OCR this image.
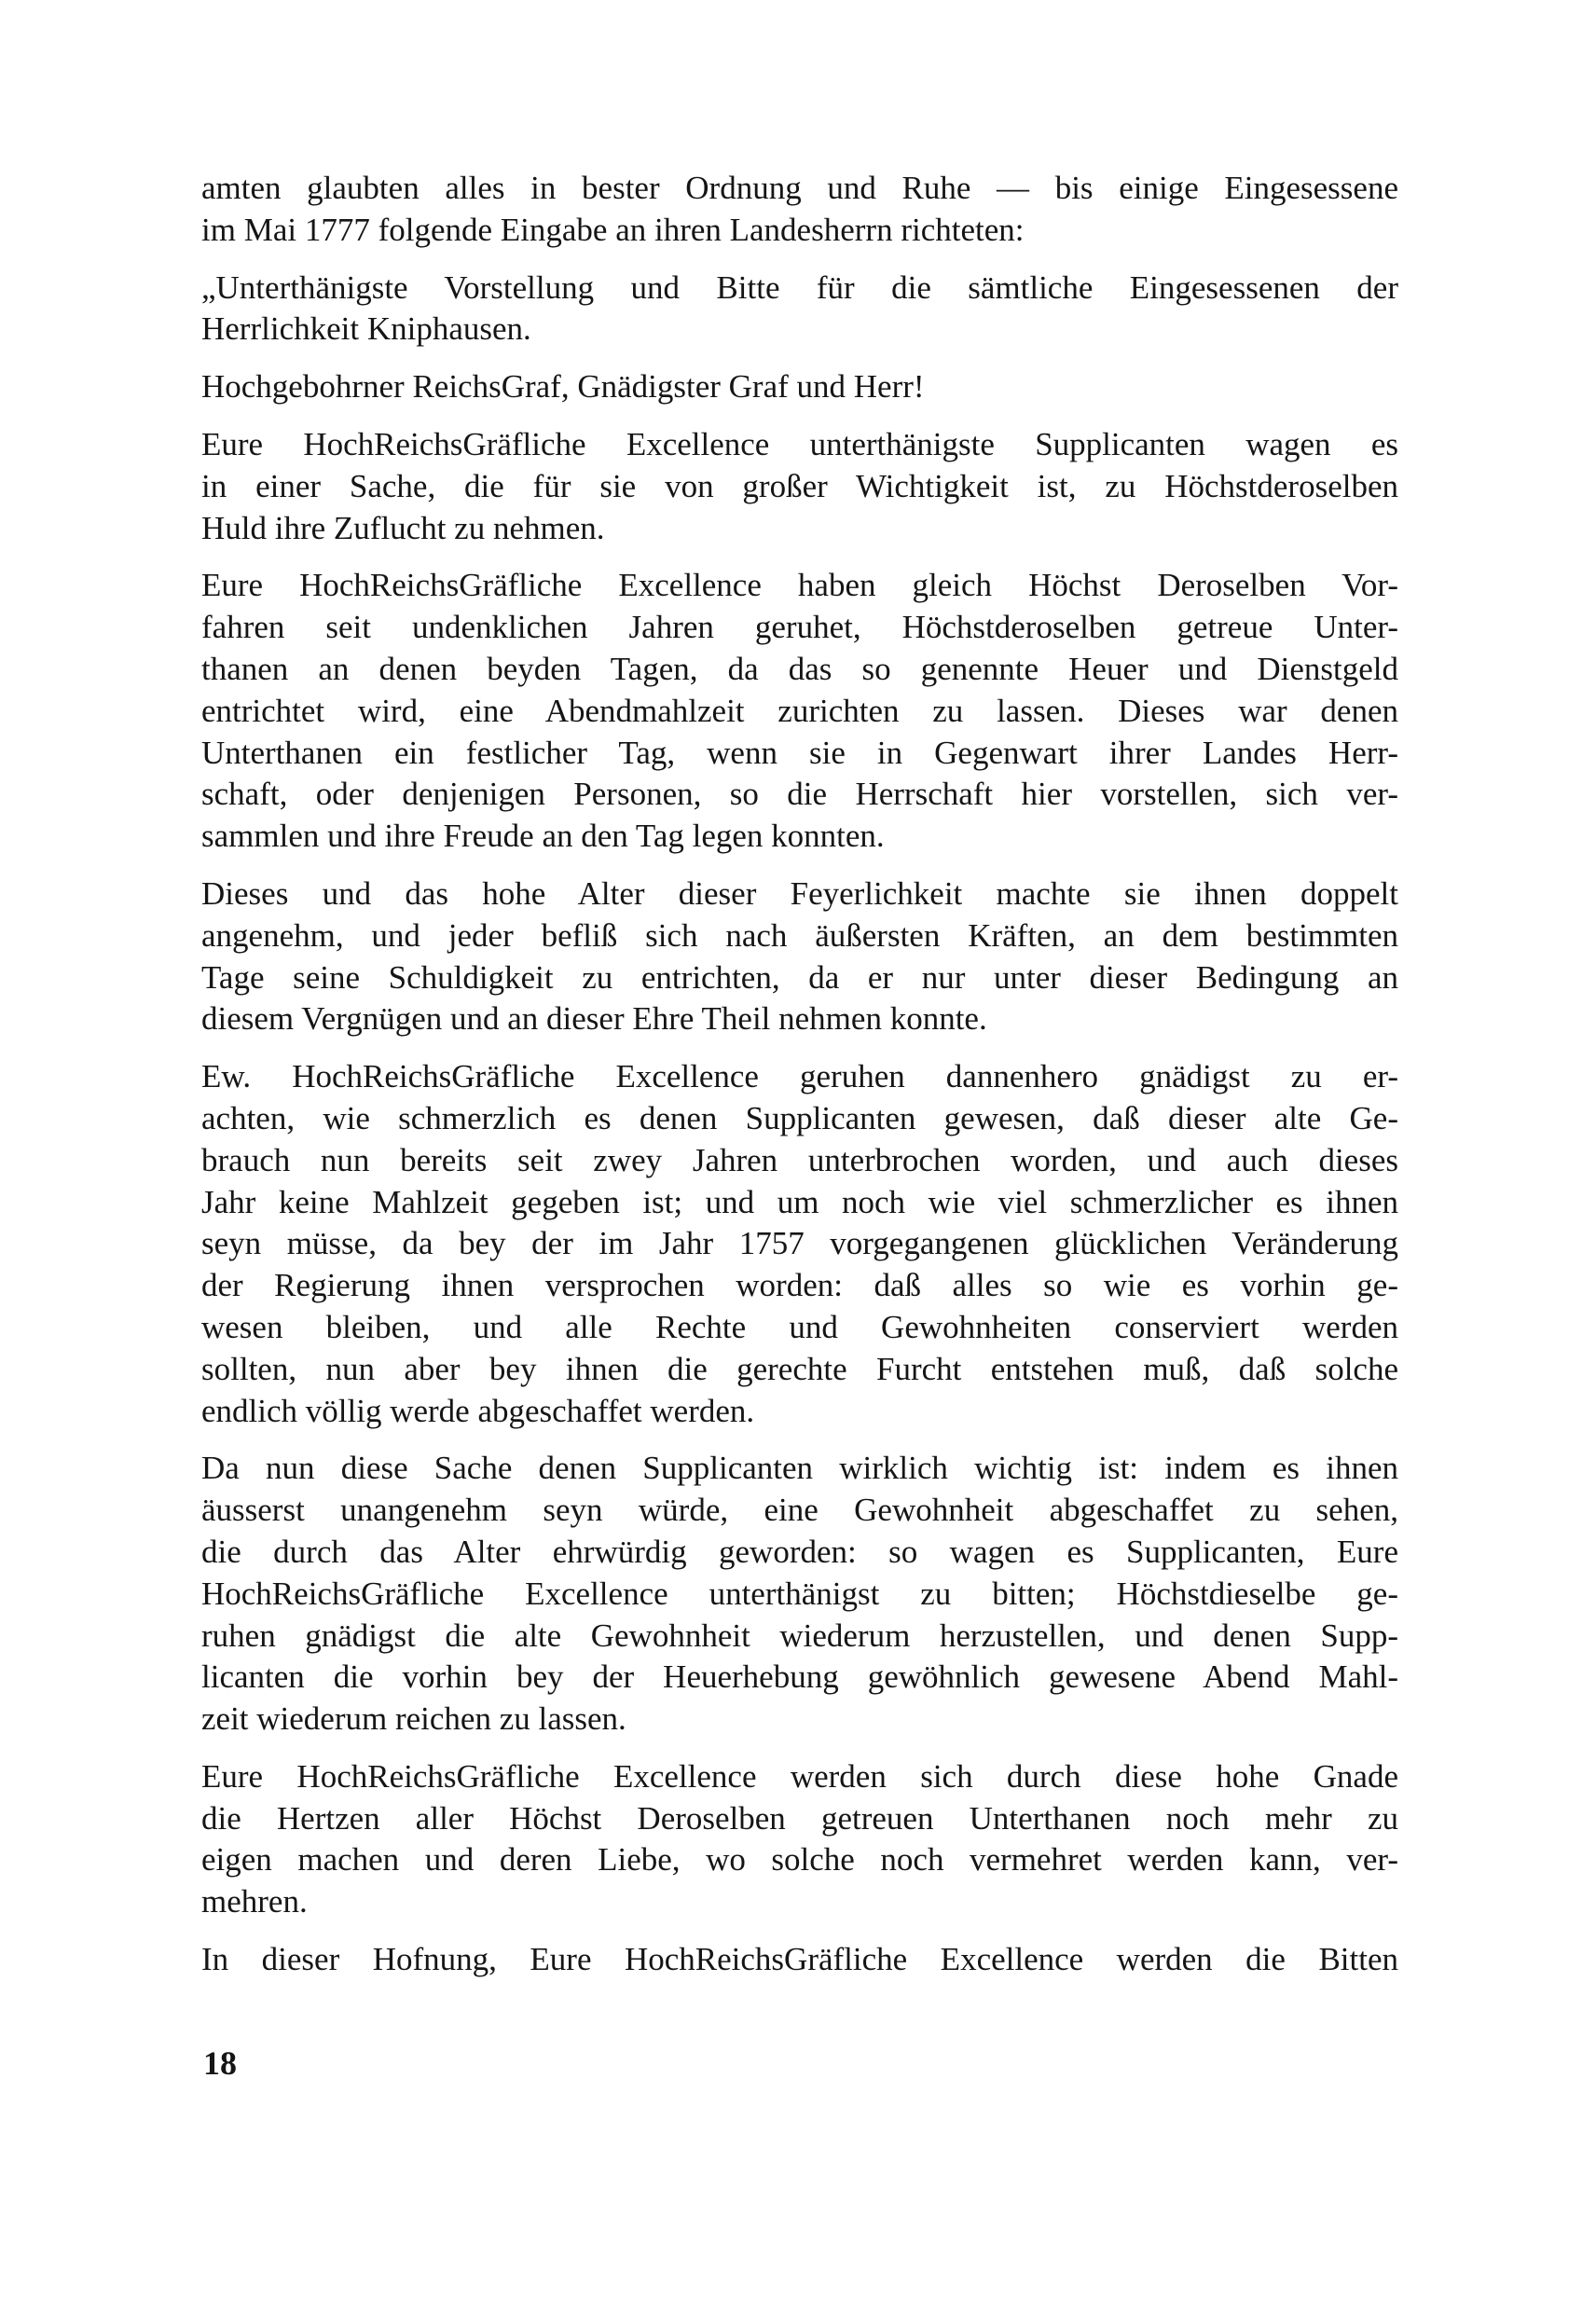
amten glaubten alles in bester Ordnung und Ruhe — bis einige Eingesessene
im Mai 1777 folgende Eingabe an ihren Landesherrn richteten:

„Unterthänigste Vorstellung und Bitte für die sämtliche Eingesessenen der
Herrlichkeit Kniphausen.

Hochgebohrner ReichsGraf, Gnädigster Graf und Herr!

Eure HochReichsGräfliche Excellence unterthänigste Supplicanten wagen es
in einer Sache, die für sie von großer Wichtigkeit ist, zu Höchstderoselben
Huld ihre Zuflucht zu nehmen.

Eure HochReichsGräfliche Excellence haben gleich Höchst Deroselben Vor-
fahren seit undenklichen Jahren geruhet, Höchstderoselben getreue Unter-
thanen an denen beyden Tagen, da das so genennte Heuer und Dienstgeld
entrichtet wird, eine Abendmahlzeit zurichten zu lassen. Dieses war denen
Unterthanen ein festlicher Tag, wenn sie in Gegenwart ihrer Landes Herr-
schaft, oder denjenigen Personen, so die Herrschaft hier vorstellen, sich ver-
sammlen und ihre Freude an den Tag legen konnten.

Dieses und das hohe Alter dieser Feyerlichkeit machte sie ihnen doppelt
angenehm, und jeder befliß sich nach äußersten Kräften, an dem bestimmten
Tage seine Schuldigkeit zu entrichten, da er nur unter dieser Bedingung an
diesem Vergnügen und an dieser Ehre Theil nehmen konnte.

Ew. HochReichsGräfliche Excellence geruhen dannenhero gnädigst zu er-
achten, wie schmerzlich es denen Supplicanten gewesen, daß dieser alte Ge-
brauch nun bereits seit zwey Jahren unterbrochen worden, und auch dieses
Jahr keine Mahlzeit gegeben ist; und um noch wie viel schmerzlicher es ihnen
seyn müsse, da bey der im Jahr 1757 vorgegangenen glücklichen Veränderung
der Regierung ihnen versprochen worden: daß alles so wie es vorhin ge-
wesen bleiben, und alle Rechte und Gewohnheiten conserviert werden
sollten, nun aber bey ihnen die gerechte Furcht entstehen muß, daß solche
endlich völlig werde abgeschaffet werden.

Da nun diese Sache denen Supplicanten wirklich wichtig ist: indem es ihnen
äusserst unangenehm seyn würde, eine Gewohnheit abgeschaffet zu sehen,
die durch das Alter ehrwürdig geworden: so wagen es Supplicanten, Eure
HochReichsGräfliche Excellence unterthänigst zu bitten; Höchstdieselbe ge-
ruhen gnädigst die alte Gewohnheit wiederum herzustellen, und denen Supp-
licanten die vorhin bey der Heuerhebung gewöhnlich gewesene Abend Mahl-
zeit wiederum reichen zu lassen.

Eure HochReichsGräfliche Excellence werden sich durch diese hohe Gnade
die Hertzen aller Höchst Deroselben getreuen Unterthanen noch mehr zu
eigen machen und deren Liebe, wo solche noch vermehret werden kann, ver-
mehren.

In dieser Hofnung, Eure HochReichsGräfliche Excellence werden die Bitten

18
